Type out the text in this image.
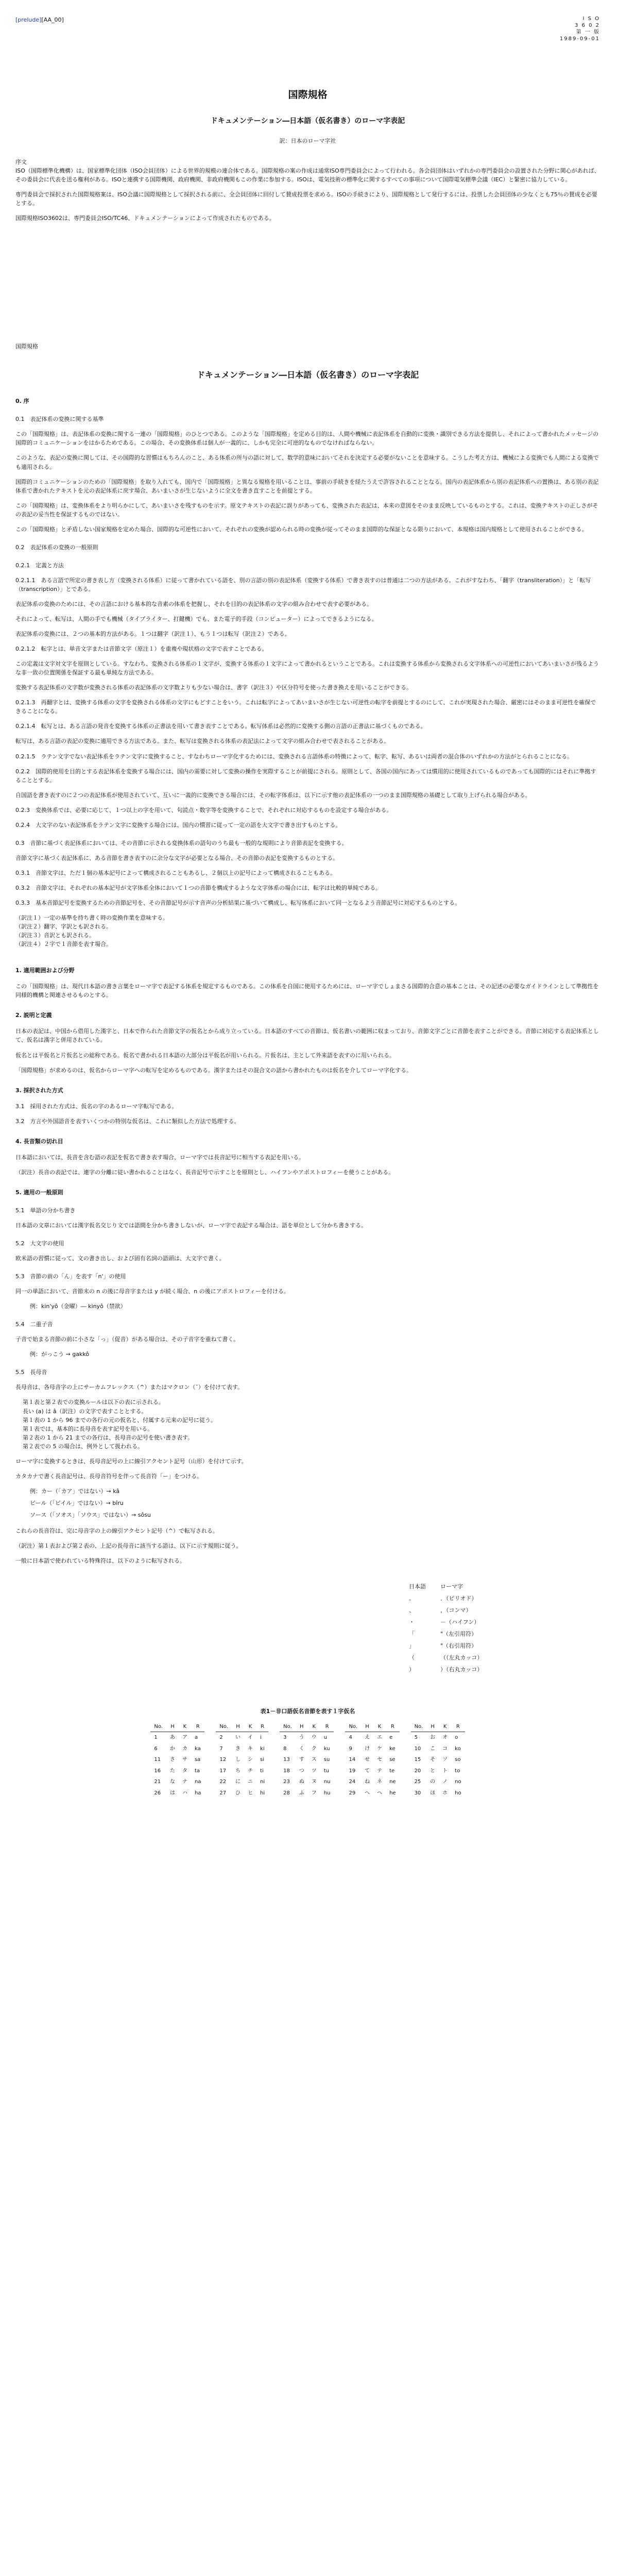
[prelude][AA_00]	I S O
3 6 0 2
第 一 版
1989-09-01
国際規格
ドキュメンテーション―日本語（仮名書き）のローマ字表記
訳：日本のローマ字社
序文

ISO（国際標準化機構）は、国家標準化団体（ISO会員団体）による世界的規模の連合体である。国際規格の案の作成は通常ISO専門委員会によって行われる。各会員団体はいずれかの専門委員会の設置された分野に関心があれば、その委員会に代表を送る権利がある。ISOと連携する国際機関、政府機関、非政府機関もこの作業に参加する。ISOは、電気技術の標準化に関するすべての事項について国際電気標準会議（IEC）と緊密に協力している。

専門委員会で採択された国際規格案は、ISO会議に国際規格として採択される前に、全会員団体に回付して賛成投票を求める。ISOの手続きにより、国際規格として発行するには、投票した会員団体の少なくとも75％の賛成を必要とする。

国際規格ISO3602は、専門委員会ISO/TC46、ドキュメンテーションによって作成されたものである。

国際規格
ドキュメンテーション―日本語（仮名書き）のローマ字表記
0. 序
0.1　表記体系の変換に関する基準

この「国際規格」は、表記体系の変換に関する一連の「国際規格」のひとつである。このような「国際規格」を定める目的は、人間や機械に表記体系を自動的に変換・識別できる方法を提供し、それによって書かれたメッセージの国際的コミュニケーションをはかるためである。この場合、その変換体系は個人が一義的に、しかも完全に可逆的なものでなければならない。

このような、表記の変換に関しては、その国際的な習慣はもちろんのこと、ある体系の所与の語に対して、数学的意味においてそれを決定する必要がないことを意味する。こうした考え方は、機械による変換でも人間による変換でも適用される。

国際的コミュニケーションのための「国際規格」を取り入れても、国内で「国際規格」と異なる規格を用いることは、事前の手続きを経たうえで許容されることとなる。国内の表記体系から別の表記体系への置換は、ある別の表記体系で書かれたテキストを元の表記体系に戻す場合、あいまいさが生じないように全文を書き直すことを前提とする。

この「国際規格」は、変換体系をより明らかにして、あいまいさを残すものを示す。原文テキストの表記に誤りがあっても、変換された表記は、本来の意図をそのまま反映しているものとする。これは、変換テキストの正しさがその表記の妥当性を保証するものではない。

この「国際規格」と矛盾しない国家規格を定めた場合、国際的な可逆性において、それぞれの変換が認められる時の変換が従ってそのまま国際的な保証となる限りにおいて、本規格は国内規格として使用されることができる。

0.2　表記体系の変換の一般原則
0.2.1　定義と方法

0.2.1.1　ある言語で所定の書き表し方（変換される体系）に従って書かれている語を、別の言語の別の表記体系（変換する体系）で書き表すのは普通は二つの方法がある。これがすなわち、「翻字（transliteration）」と「転写（transcription）」とである。

表記体系の変換のためには、その言語における基本的な音素の体系を把握し、それを目的の表記体系の文字の組み合わせで表す必要がある。

それによって、転写は、人間の手でも機械（タイプライター、打鍵機）でも、また電子的手段（コンピューター）によってできるようになる。

表記体系の変換には、２つの基本的方法がある。１つは翻字（訳注１）、もう１つは転写（訳注２）である。

0.2.1.2　転字とは、単音文字または音節文字（原注１）を重複や現状格の文字で表すことである。

この定義は文字対文字を原則としている。すなわち、変換される体系の１文字が、変換する体系の１文字によって書かれるということである。これは変換する体系から変換される文字体系への可逆性においてあいまいさが残るような非一致の位置関係を保証する最も単純な方法である。

変換する表記体系の文字数が変換される体系の表記体系の文字数よりも少ない場合は、書字（訳注３）や区分符号を使った書き換えを用いることができる。

0.2.1.3　再翻字とは、変換する体系の文字を変換される体系の文字にもどすことをいう。これは転字によってあいまいさが生じない可逆性の転字を前提とするのにして、これが実現された場合、厳密にはそのまま可逆性を確保できることになる。

0.2.1.4　転写とは、ある言語の発音を変換する体系の正書法を用いて書き表すことである。転写体系は必然的に変換する側の言語の正書法に基づくものである。

転写は、ある言語の表記の変換に適用できる方法である。また、転写は変換される体系の表記法によって文字の組み合わせで表されることがある。

0.2.1.5　ラテン文字でない表記体系をラテン文字に変換すること、すなわちローマ字化するためには、変換される言語体系の特徴によって、転字、転写、あるいは両者の混合体のいずれかの方法がとられることになる。

0.2.2　国際的使用を目的とする表記体系を変換する場合には、国内の需要に対して変換の操作を実際することが前提にされる。原則として、各国の国内にあっては慣用的に使用されているものであっても国際的にはそれに準拠することとする。

自国語を書き表すのに２つの表記体系が使用されていて、互いに一義的に変換できる場合には、その転字体系は、以下に示す他の表記体系の一つのまま国際規格の基礎として取り上げられる場合がある。

0.2.3　変換体系では、必要に応じて、１つ以上の字を用いて、句読点・数字等を変換することで、それぞれに対応するものを設定する場合がある。

0.2.4　大文字のない表記体系をラテン文字に変換する場合には、国内の慣習に従って一定の語を大文字で書き出すものとする。

0.3　音節に基づく表記体系においては、その音節に示される変換体系の語句のうち最も一般的な規則により音節表記を変換する。

音節文字に基づく表記体系に、ある音節を書き表すのに余分な文字が必要となる場合、その音節の表記を変換するものとする。

0.3.1　音節文字は、ただ１個の基本記号によって構成されることもあるし、２個以上の記号によって構成されることもある。

0.3.2　音節文字は、それぞれの基本記号が文字体系全体において１つの音節を構成するような文字体系の場合には、転字は比較的単純である。

0.3.3　基本音節記号を変換するための音節記号を、その音節記号が示す音声の分析結果に基づいて構成し、転写体系において同一となるよう音節記号に対応するものとする。

（訳注１）一定の基準を持ち書く時の変換作業を意味する。
（訳注２）翻字、字訳とも訳される。
（訳注３）音訳とも訳される。
（訳注４）２字で１音節を表す場合。
1. 適用範囲および分野

この「国際規格」は、現代日本語の書き言葉をローマ字で表記する体系を規定するものである。この体系を自国に使用するためには、ローマ字でしょまさる国際的合意の基本ことは、その記述の必要なガイドラインとして準拠性を同様的機構と関連させるものとする。

2. 説明と定義

日本の表記は、中国から借用した漢字と、日本で作られた音節文字の仮名とから成り立っている。日本語のすべての音節は、仮名書いの範囲に収まっており、音節文字ごとに音節を表すことができる。音節に対応する表記体系として、仮名は漢字と併用されている。

仮名とは平仮名と片仮名との総称である。仮名で書かれる日本語の大部分は平仮名が用いられる。片仮名は、主として外来語を表すのに用いられる。

「国際規格」が求めるのは、仮名からローマ字への転写を定めるものである。漢字またはその混合文の語から書かれたものは仮名を介してローマ字化する。

3. 採択された方式

3.1　採用された方式は、仮名の字のあるローマ字転写である。

3.2　方言や外国語音を表すいくつかの特別な仮名は、これに類似した方法で処理する。

4. 長音類の切れ目

日本語においては、長音を含む語の表記を仮名で書き表す場合、ローマ字では長音記号に相当する表記を用いる。

（訳注）長音の表記では、連字の分離に従い書かれることはなく、長音記号で示すことを原則とし、ハイフンやアポストロフィーを使うことがある。

5. 適用の一般原則
5.1　単語の分かち書き

日本語の文章においては漢字仮名交じり文では語間を分かち書きしないが、ローマ字で表記する場合は、語を単位として分かち書きする。

5.2　大文字の使用

欧米語の習慣に従って、文の書き出し、および固有名詞の語頭は、大文字で書く。

5.3　音節の前の「ん」を表す「n'」の使用

同一の単語において、音節末の n の後に母音字または y が続く場合、n の後にアポストロフィーを付ける。

例：kin'yô（金曜）― kinyô（禁欲）
5.4　二重子音

子音で始まる音節の前に小さな「っ」（促音）がある場合は、その子音字を重ねて書く。

例：がっこう → gakkô
5.5　長母音

長母音は、各母音字の上にサーカムフレックス（^）またはマクロン（¯）を付けて表す。

第１表と第２表での変換ルールは以下の表に示される。
長い (a) は â（訳注）の文字で表すこととする。
第１表の 1 から 96 までの各行の元の仮名と、付属する元来の記号に従う。
第１表では、基本的に長母音を表す記号を用いる。
第２表の 1 から 21 までの各行は、長母音の記号を使い書き表す。
第２表での 5 の場合は、例外として扱われる。

ローマ字に変換するときは、長母音記号の上に線引アクセント記号（山形）を付けて示す。

カタカナで書く長音記号は、長母音符号を伴って長音符「ー」をつける。

例：カー（「カア」ではない）→ kâ
ビール（「ビイル」ではない）→ bîru
ソース（「ソオス」「ソウス」ではない）→ sôsu

これらの長音符は、完に母音字の上の線引アクセント記号（^）で転写される。

（訳注）第１表および第２表の、上記の長母音に該当する語は、以下に示す規則に従う。

一般に日本語で使われている特殊符は、以下のように転写される。

日本語	ローマ字
。	．（ピリオド）
、	，（コンマ）
・	－（ハイフン）
「	"（左引用符）
」	"（右引用符）
（	（（左丸カッコ）
）	）（右丸カッコ）
表1－非口語仮名音節を表す１字仮名
No.	H	K	R		No.	H	K	R		No.	H	K	R		No.	H	K	R		No.	H	K	R
1	あ	ア	a		2	い	イ	i		3	う	ウ	u		4	え	エ	e		5	お	オ	o
6	か	カ	ka		7	き	キ	ki		8	く	ク	ku		9	け	ケ	ke		10	こ	コ	ko
11	さ	サ	sa		12	し	シ	si		13	す	ス	su		14	せ	セ	se		15	そ	ソ	so
16	た	タ	ta		17	ち	チ	ti		18	つ	ツ	tu		19	て	テ	te		20	と	ト	to
21	な	ナ	na		22	に	ニ	ni		23	ぬ	ヌ	nu		24	ね	ネ	ne		25	の	ノ	no
26	は	ハ	ha		27	ひ	ヒ	hi		28	ふ	フ	hu		29	へ	ヘ	he		30	ほ	ホ	ho
